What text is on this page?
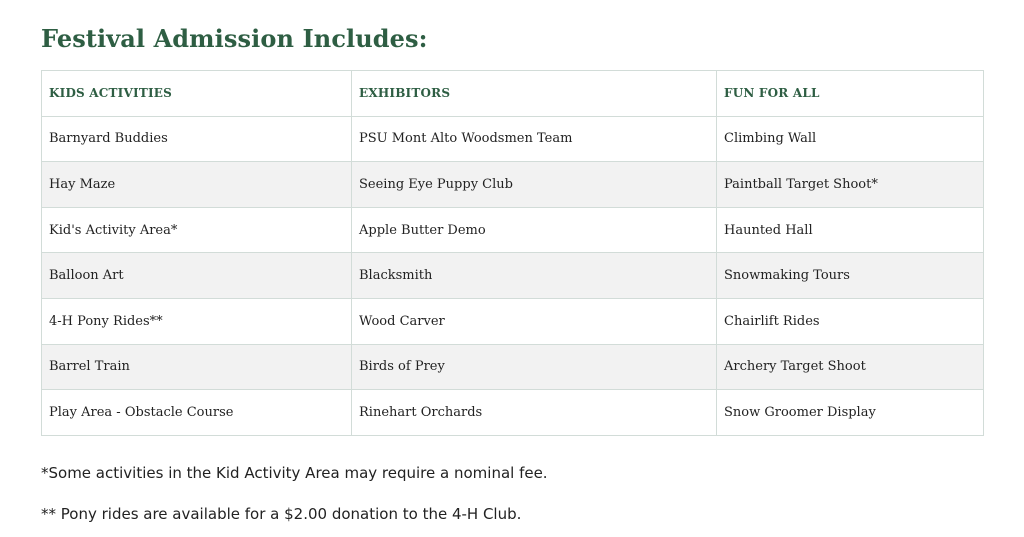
Festival Admission Includes:
KIDS ACTIVITIES	EXHIBITORS	FUN FOR ALL
Barnyard Buddies	PSU Mont Alto Woodsmen Team	Climbing Wall
Hay Maze	Seeing Eye Puppy Club	Paintball Target Shoot*
Kid's Activity Area*	Apple Butter Demo	Haunted Hall
Balloon Art	Blacksmith	Snowmaking Tours
4-H Pony Rides**	Wood Carver	Chairlift Rides
Barrel Train	Birds of Prey	Archery Target Shoot
Play Area - Obstacle Course	Rinehart Orchards	Snow Groomer Display

*Some activities in the Kid Activity Area may require a nominal fee.

** Pony rides are available for a $2.00 donation to the 4-H Club.
